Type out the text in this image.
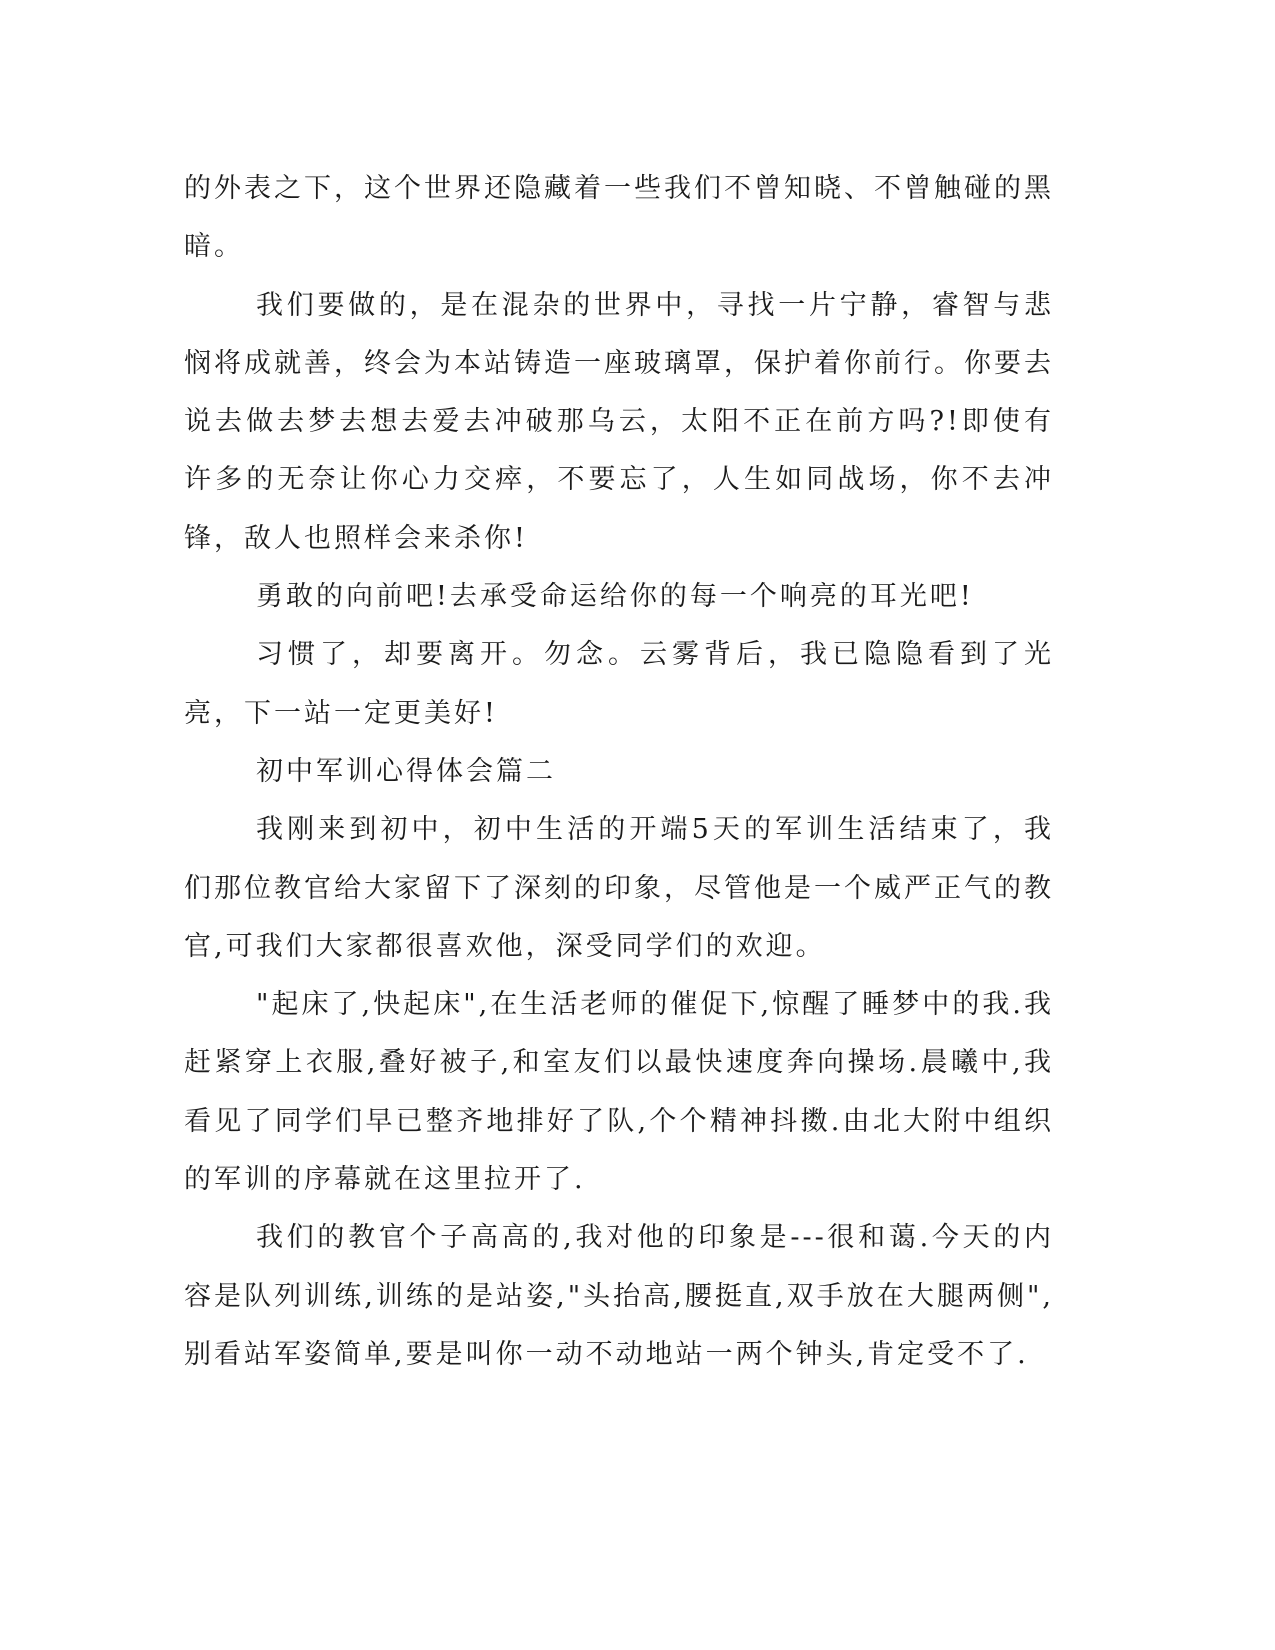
的外表之下，这个世界还隐藏着一些我们不曾知晓、不曾触碰的黑暗。

我们要做的，是在混杂的世界中，寻找一片宁静，睿智与悲悯将成就善，终会为本站铸造一座玻璃罩，保护着你前行。你要去说去做去梦去想去爱去冲破那乌云，太阳不正在前方吗?!即使有许多的无奈让你心力交瘁，不要忘了，人生如同战场，你不去冲锋，敌人也照样会来杀你!

勇敢的向前吧!去承受命运给你的每一个响亮的耳光吧!

习惯了，却要离开。勿念。云雾背后，我已隐隐看到了光亮，下一站一定更美好!

初中军训心得体会篇二

我刚来到初中，初中生活的开端5天的军训生活结束了，我们那位教官给大家留下了深刻的印象，尽管他是一个威严正气的教官,可我们大家都很喜欢他，深受同学们的欢迎。

"起床了,快起床",在生活老师的催促下,惊醒了睡梦中的我.我赶紧穿上衣服,叠好被子,和室友们以最快速度奔向操场.晨曦中,我看见了同学们早已整齐地排好了队,个个精神抖擞.由北大附中组织的军训的序幕就在这里拉开了.

我们的教官个子高高的,我对他的印象是---很和蔼.今天的内容是队列训练,训练的是站姿,"头抬高,腰挺直,双手放在大腿两侧",别看站军姿简单,要是叫你一动不动地站一两个钟头,肯定受不了.
